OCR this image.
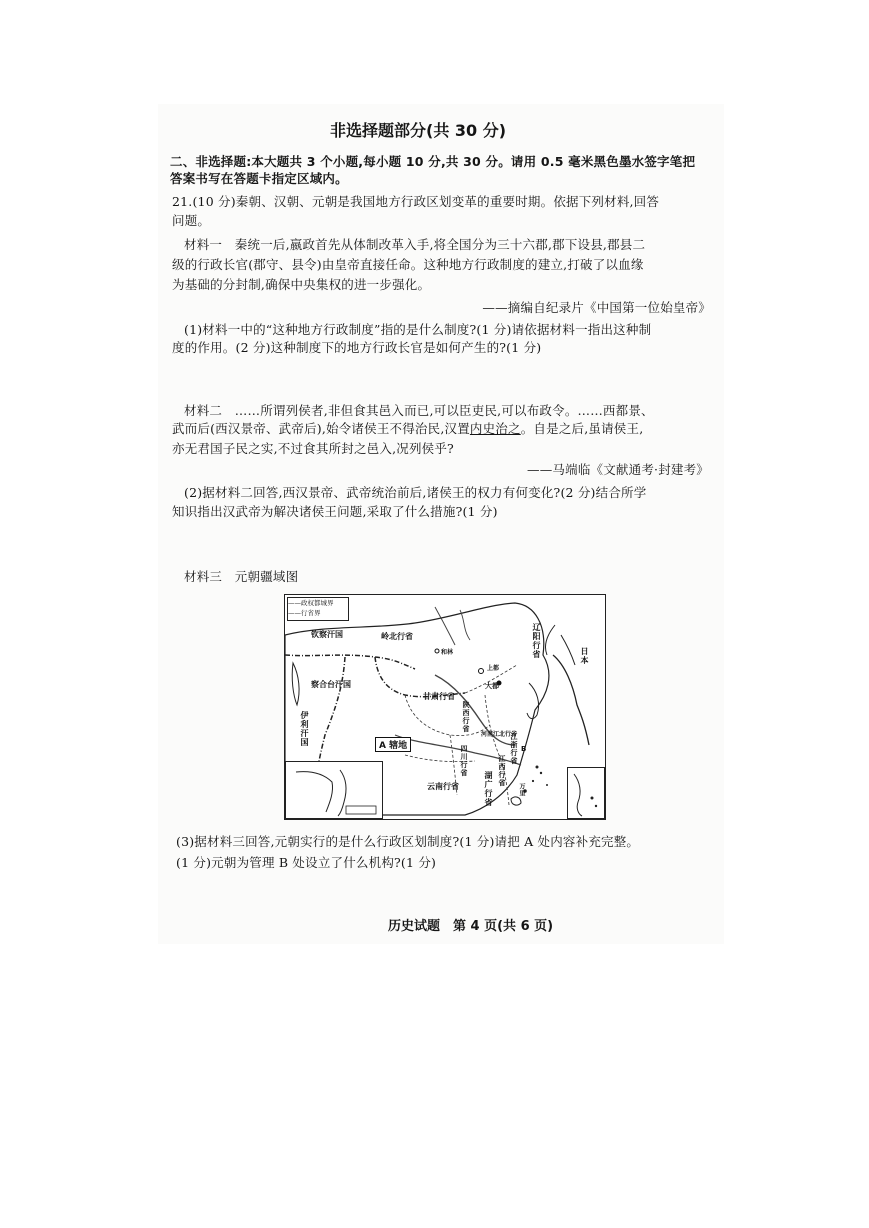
非选择题部分(共 30 分)
二、非选择题:本大题共 3 个小题,每小题 10 分,共 30 分。请用 0.5 毫米黑色墨水签字笔把
答案书写在答题卡指定区域内。
21.(10 分)秦朝、汉朝、元朝是我国地方行政区划变革的重要时期。依据下列材料,回答
问题。
材料一　秦统一后,嬴政首先从体制改革入手,将全国分为三十六郡,郡下设县,郡县二
级的行政长官(郡守、县令)由皇帝直接任命。这种地方行政制度的建立,打破了以血缘
为基础的分封制,确保中央集权的进一步强化。
——摘编自纪录片《中国第一位始皇帝》
(1)材料一中的“这种地方行政制度”指的是什么制度?(1 分)请依据材料一指出这种制
度的作用。(2 分)这种制度下的地方行政长官是如何产生的?(1 分)
材料二　……所谓列侯者,非但食其邑入而已,可以臣吏民,可以布政令。……西都景、
武而后(西汉景帝、武帝后),始令诸侯王不得治民,汉置内史治之。自是之后,虽请侯王,
亦无君国子民之实,不过食其所封之邑入,况列侯乎?
——马端临《文献通考·封建考》
(2)据材料二回答,西汉景帝、武帝统治前后,诸侯王的权力有何变化?(2 分)结合所学
知识指出汉武帝为解决诸侯王问题,采取了什么措施?(1 分)
材料三　元朝疆域图
——政权都城界
——行省界
钦察汗国	岭北行省
和林	辽阳行省
察合台汗国
伊利汗国
甘肃行省
大都
上都
陕西行省
河南江北行省
A 辖地	四川行省
云南行省	湖广行省
江浙行省
江西行省
万里
日本
B
(3)据材料三回答,元朝实行的是什么行政区划制度?(1 分)请把 A 处内容补充完整。
(1 分)元朝为管理 B 处设立了什么机构?(1 分)
历史试题　第 4 页(共 6 页)
